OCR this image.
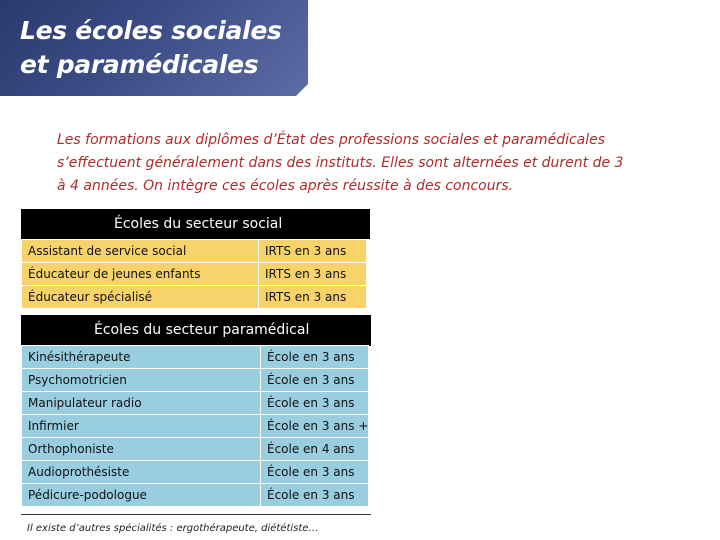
Les écoles sociales
et paramédicales
Les formations aux diplômes d’État des professions sociales et paramédicales
s’effectuent généralement dans des instituts. Elles sont alternées et durent de 3
à 4 années. On intègre ces écoles après réussite à des concours.
Écoles du secteur social
Assistant de service social	IRTS en 3 ans
Éducateur de jeunes enfants	IRTS en 3 ans
Éducateur spécialisé	IRTS en 3 ans
Écoles du secteur paramédical
Kinésithérapeute	École en 3 ans
Psychomotricien	École en 3 ans
Manipulateur radio	École en 3 ans
Infirmier	École en 3 ans +
Orthophoniste	École en 4 ans
Audioprothésiste	École en 3 ans
Pédicure-podologue	École en 3 ans
Il existe d’autres spécialités : ergothérapeute, diététiste…
